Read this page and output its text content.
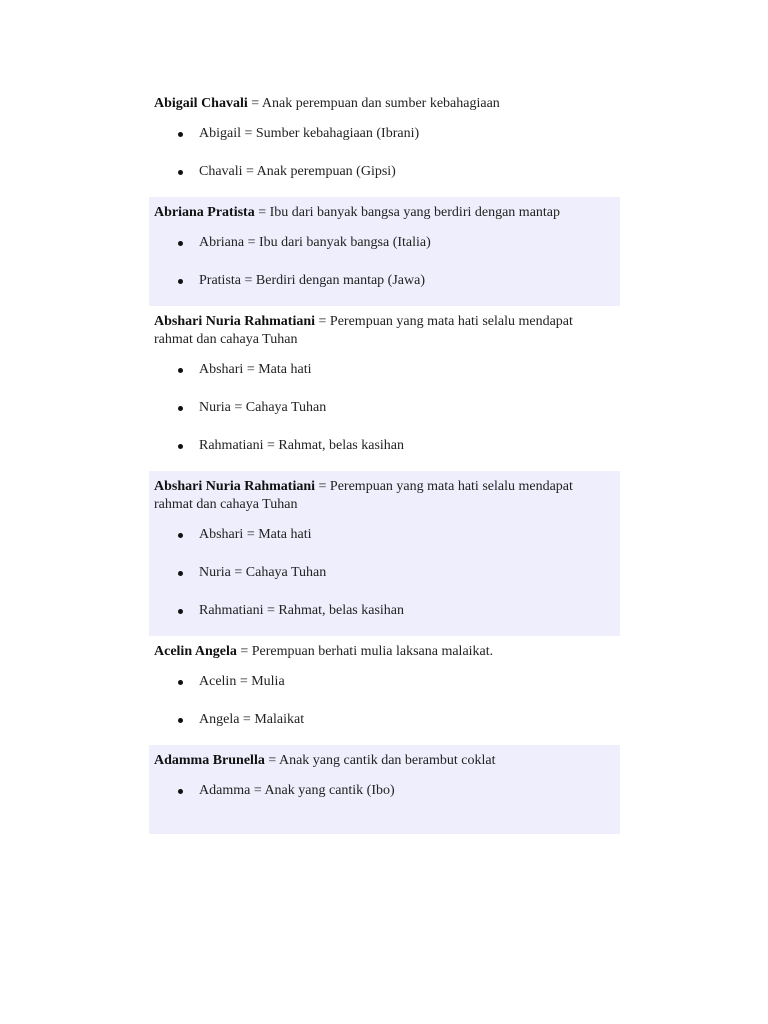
Abigail Chavali = Anak perempuan dan sumber kebahagiaan

Abigail = Sumber kebahagiaan (Ibrani)
Chavali = Anak perempuan (Gipsi)

Abriana Pratista = Ibu dari banyak bangsa yang berdiri dengan mantap

Abriana = Ibu dari banyak bangsa (Italia)
Pratista = Berdiri dengan mantap (Jawa)

Abshari Nuria Rahmatiani = Perempuan yang mata hati selalu mendapat rahmat dan cahaya Tuhan

Abshari = Mata hati
Nuria = Cahaya Tuhan
Rahmatiani = Rahmat, belas kasihan

Abshari Nuria Rahmatiani = Perempuan yang mata hati selalu mendapat rahmat dan cahaya Tuhan

Abshari = Mata hati
Nuria = Cahaya Tuhan
Rahmatiani = Rahmat, belas kasihan

Acelin Angela = Perempuan berhati mulia laksana malaikat.

Acelin = Mulia
Angela = Malaikat

Adamma Brunella = Anak yang cantik dan berambut coklat

Adamma = Anak yang cantik (Ibo)
